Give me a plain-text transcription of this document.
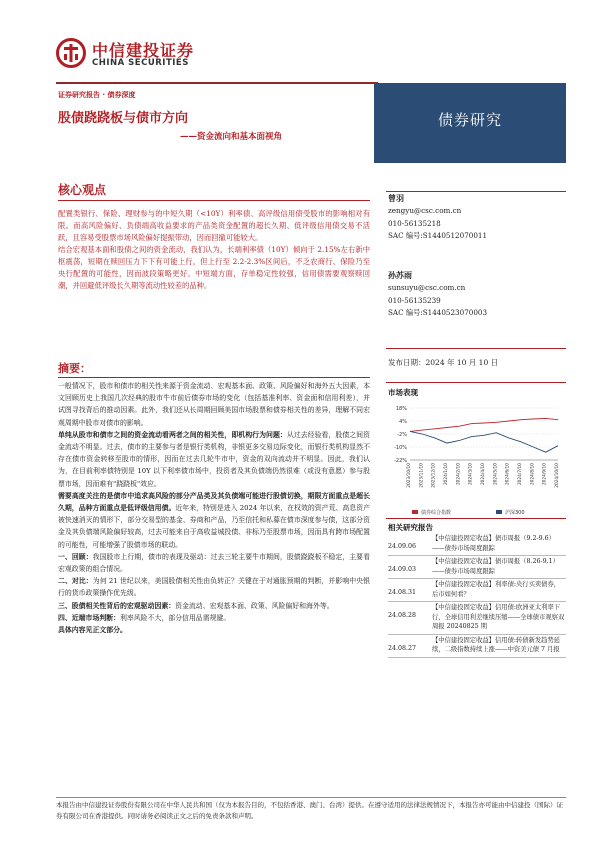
中信建投证券
CHINA SECURITIES
证券研究报告 · 债券深度
股债跷跷板与债市方向
——资金流向和基本面视角
债券研究
核心观点

配置类银行、保险、理财参与的中短久期（<10Y）利率债、高评级信用债受股市的影响相对有限。而高风险偏好、负债端高收益要求的产品类资金配置的超长久期、低评级信用债交易不活跃，且容易受股票市场风险偏好提振带动，因而回撤可能较大。

结合宏观基本面和股债之间的资金流动，我们认为，长端利率债（10Y）倾向于 2.15%左右新中枢震荡，短期在赎回压力下下有可能上行，但上行至 2.2-2.3%区间后，不乏农商行、保险乃至央行配置的可能性，因而波段策略更好。中短端方面，存单稳定性较强，信用债需要观察赎回潮，并回避低评级长久期等流动性较差的品种。

摘要：

一般情况下，股市和债市的相关性来源于资金流动、宏观基本面、政策、风险偏好和海外五大因素，本文回顾历史上我国几次经典的股市牛市前后债券市场的变化（包括基准利率、资金面和信用利差），并试图寻找背后的推动因素。此外，我们还从长周期回顾美国市场股票和债券相关性的差异，理解不同宏观周期中股市对债市的影响。

单纯从股市和债市之间的资金流动看两者之间的相关性，即机构行为问题：从过去经验看，股债之间资金流动不明显。过去，债市的主要参与者是银行类机构，非银更多交易边际变化，而银行类机构显然不存在债市资金转移至股市的情形，因而在过去几轮牛市中，资金的双向流动并不明显。因此，我们认为，在目前利率债特别是 10Y 以下利率债市场中，投资者及其负债端仍然很难（或没有意愿）参与股票市场，因而难有"跷跷板"效应。

需要高度关注的是债市中追求高风险的部分产品类及其负债端可能进行股债切换，期限方面重点是超长久期，品种方面重点是低评级信用债。近年来，特别是进入 2024 年以来，在权效的资产荒、高息资产被快速消灭的情形下，部分交易型的基金、券商和产品，乃至信托和私募在债市深度参与债，这部分资金及其负债端风险偏好较高，过去可能来自于高收益城投债、非标乃至股票市场，因而具有跨市场配置的可能性，可能增强了股债市场的联动。

一、回顾：我国股市上行期，债市的表现及驱动：过去三轮主要牛市期间，股债跷跷板不稳定，主要看宏观政策的组合情况。

二、对比：为何 21 世纪以来，美国股债相关性由负转正？关键在于对通胀预期的判断，并影响中央银行的货币政策操作优先级。

三、股债相关性背后的宏观驱动因素：资金流动、宏观基本面、政策、风险偏好和海外等。

四、近端市场判断：利率风险不大，部分信用品需规避。

具体内容见正文部分。

曾羽
zengyu@csc.com.cn
010-56135218
SAC 编号:S1440512070011
孙苏雨
sunsuyu@csc.com.cn
010-56135239
SAC 编号:S1440523070003
发布日期：2024 年 10 月 10 日
市场表现
18%
4%
-2%
-10%
-22%
2023/10/10 2023/11/10 2023/12/10 2024/1/10 2024/2/10 2024/3/10 2024/4/10 2024/5/10 2024/6/10 2024/7/10 2024/8/10 2024/9/10 2024/10/10
债券综合指数	沪深300
相关研究报告
24.09.06
【中信建投固定收益】债市周报（9.2-9.6）——债券市场周度跟踪
24.09.03
【中信建投固定收益】债市周报（8.26-9.1）——债券市场周度跟踪
24.08.31
【中信建投固定收益】利率债:央行买卖债券，后市如何看？
24.08.28
【中信建投固定收益】信用债:欧洲亚太利率下行，全球信用利差继续压缩——全球债市观察双周报 20240825 期
24.08.27
【中信建投固定收益】信用债:转债新发趋势延续，二级指数持续上涨——中资美元债 7 月报
本报告由中信建投证券股份有限公司在中华人民共和国（仅为本报告目的，不包括香港、澳门、台湾）提供。在遵守适用的法律法规情况下，本报告亦可能由中信建投（国际）证券有限公司在香港提供。同时请务必阅读正文之后的免责条款和声明。
